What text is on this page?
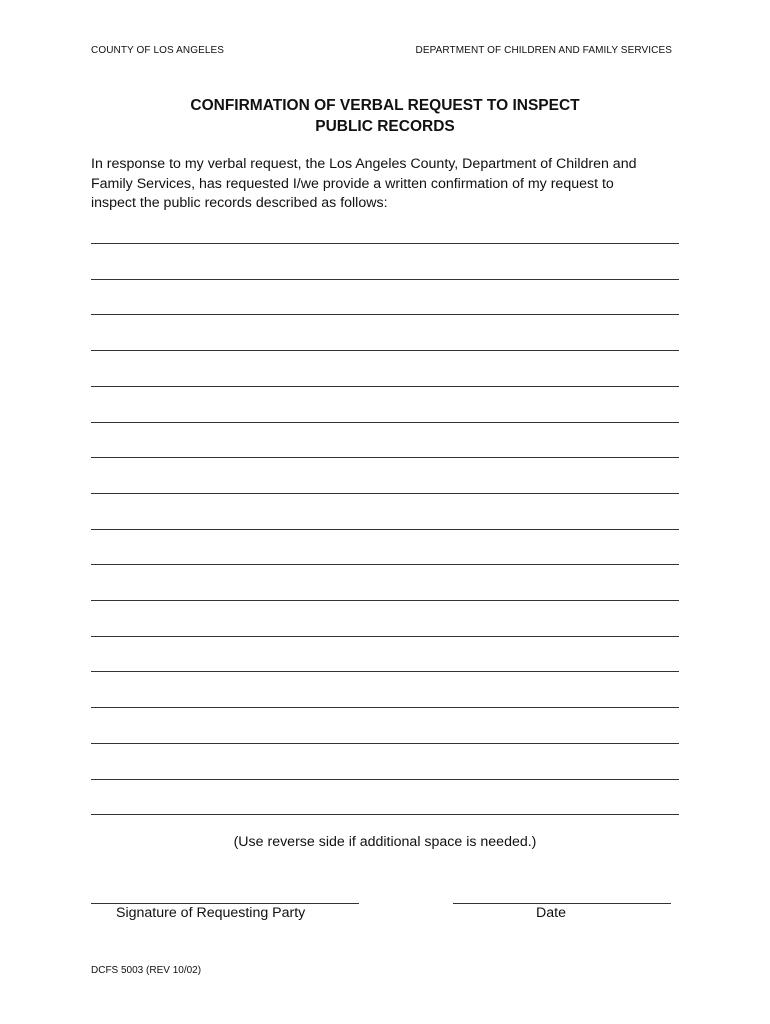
COUNTY OF LOS ANGELES	DEPARTMENT OF CHILDREN AND FAMILY SERVICES
CONFIRMATION OF VERBAL REQUEST TO INSPECT
PUBLIC RECORDS
In response to my verbal request, the Los Angeles County, Department of Children and
Family Services, has requested I/we provide a written confirmation of my request to
inspect the public records described as follows:
(Use reverse side if additional space is needed.)
Signature of Requesting Party	Date
DCFS 5003 (REV 10/02)
